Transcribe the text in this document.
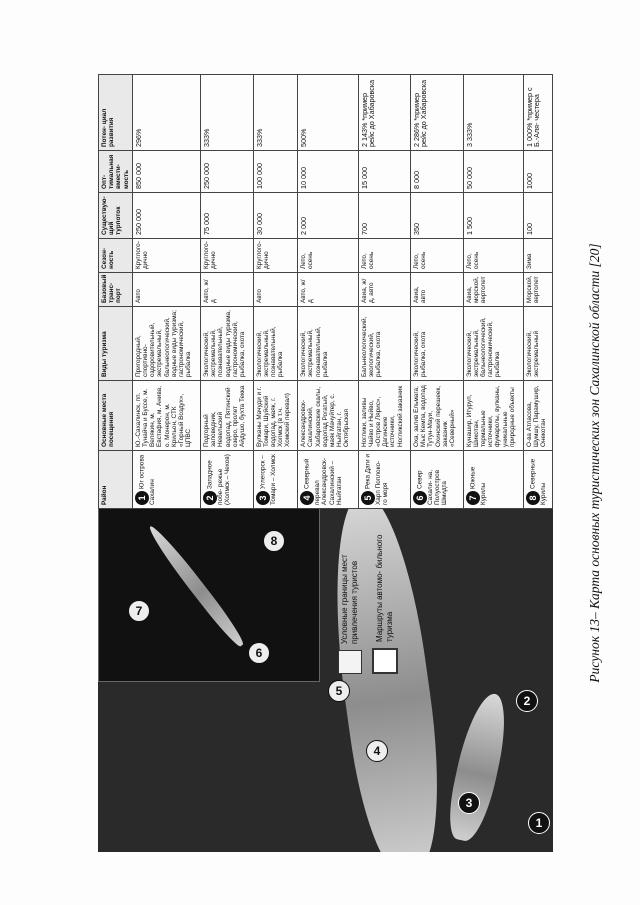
1
2
3
4
5
6
7
8
Условные границы мест привлечения туристов Маршруты автомо- бильного туризма
Район	Основные места посещения	Виды туризма	Базовый транс- порт	Сезон- ность	Существую- щий турпоток	Опт- тимальная вмести- мость	Потен- циал развития
1Юг острова Сахалин	Ю.-Сахалинск, пп. Тунайча и Буссе, м. Велякин, м. Евстафия, м. Анива, о. Монерон, м. Крильон, СТК «Горный Воздух», ЦПВС	Пригородный, спортивно-оздоровительный, экстремальный, бальнеологический, водные виды туризма; гастрономический, рыбалка	Авто	Круглого- дично	250 000	850 000	296%
2Западное побе- режье (Холмск – Чехов)	Подгорный заповедник, Невельский водопад, Пятинский озеро, пролет Айдушо, бухта Текка	Экологический, экстремальный, познавательный, водные виды туризма, гастрономический, рыбалка, охота	Авто, ж/д	Круглого- дично	75 000	250 000	333%
3Углегорск – Томари – Холмск	Вулканы Мачуди и г. Томари, Шуйский водопад, маяк, г. Холмск (в т.ч. Хомский перевал)	Экологический, экстремальный, познавательный, рыбалка	Авто	Круглого- дично	30 000	100 000	333%
4Северный перевал Александровск-Сахалинский – Ныйгатан	Александровск-Сахалинский, Хабаровские скалы, водопад Рогатый, маяк Мачуйтер, с. Ныйгатан, г. Октябрьская	Экологический, экстремальный, познавательный, рыбалка	Авто, ж/д	Лето, осень	2 000	10 000	500%
5Река Даги и Харп Поплоко- го моря	Ноглики, заливы Чайво и Ныйво, «Остров Лярис», Дагинские источники, Ногликский заказник	Бальнеологический, экологический, рыбалка, охота	Авиа, ж/д, авто	Лето, осень	700	15 000	2 143% *пример рейс до Хабаровска
6Север Сахали- на, Полуостров Шмидта	Оха, залив Ельмага, Мыс Кемпа, водопад Тутун-Мауи, Охинский перешеек, заказник «Северный»	Экологический, рыбалка, охота	Авиа, авто	Лето, осень	350	8 000	2 286% *пример рейс до Хабаровска
7Южные Курилы	Кунашир, Итуруп, Шикотан, термальные источники, фумаролы, вулканы, уникальные природные объекты	Экологический, экстремальный, бальнеологический, гастрономический, рыбалка	Авиа, морской, вертолет	Лето, осень	1 500	50 000	3 333%
8Северные Курилы	О-ва Атласова, Шумшу, Парамушир, Онекотан	Экологический, экстремальный	Морской, вертолет	Зима	100	1000	1 000% *пример с Б.-Аля- честера
Рисунок 13– Карта основных туристических зон Сахалинской области [20]
